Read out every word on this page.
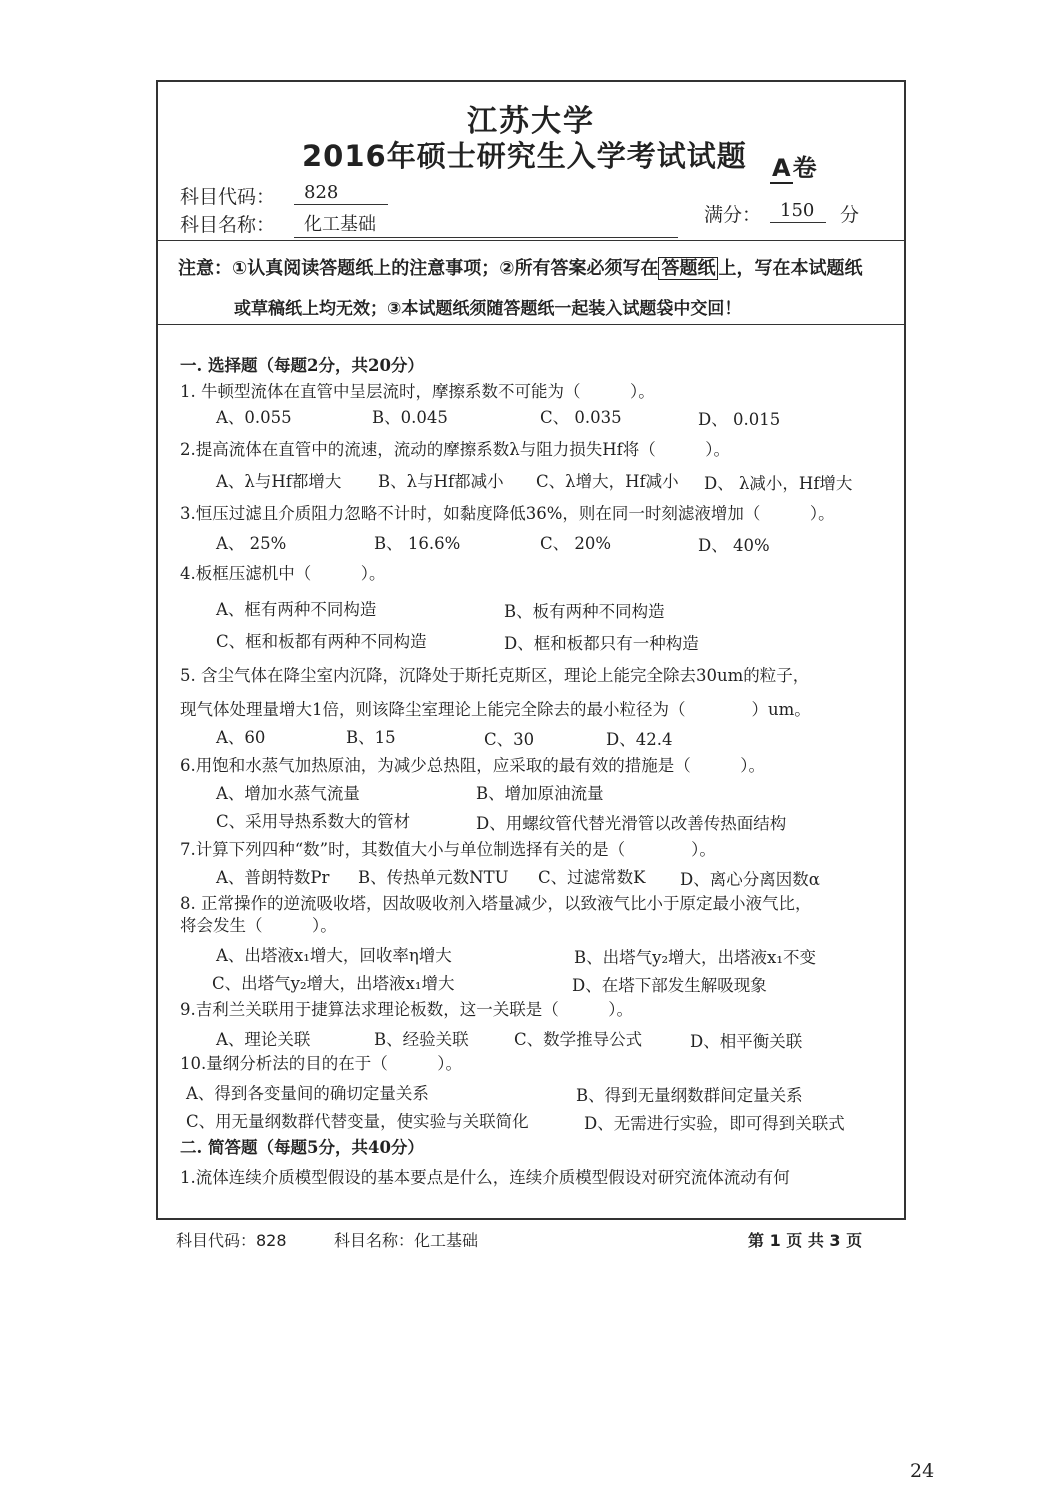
江苏大学
2016年硕士研究生入学考试试题 A卷
科目代码：	828
科目名称：	化工基础	满分：	150	分
注意：①认真阅读答题纸上的注意事项；②所有答案必须写在 答题纸 上，写在本试题纸
或草稿纸上均无效；③本试题纸须随答题纸一起装入试题袋中交回！
一. 选择题（每题2分，共20分）
1. 牛顿型流体在直管中呈层流时，摩擦系数不可能为（　　　）。
A、0.055	B、0.045	C、 0.035	D、 0.015
2.提高流体在直管中的流速，流动的摩擦系数λ与阻力损失Hf将（　　　）。
A、λ与Hf都增大 B、λ与Hf都减小 C、λ增大，Hf减小 D、 λ减小，Hf增大
3.恒压过滤且介质阻力忽略不计时，如黏度降低36%，则在同一时刻滤液增加（　　　）。
A、 25%	B、 16.6%	C、 20%	D、 40%
4.板框压滤机中（　　　）。
A、框有两种不同构造	B、板有两种不同构造
C、框和板都有两种不同构造	D、框和板都只有一种构造
5. 含尘气体在降尘室内沉降，沉降处于斯托克斯区，理论上能完全除去30um的粒子，
现气体处理量增大1倍，则该降尘室理论上能完全除去的最小粒径为（　　　　）um。
A、60	B、15	C、30	D、42.4
6.用饱和水蒸气加热原油，为减少总热阻，应采取的最有效的措施是（　　　）。
A、增加水蒸气流量	B、增加原油流量
C、采用导热系数大的管材	D、用螺纹管代替光滑管以改善传热面结构
7.计算下列四种“数”时，其数值大小与单位制选择有关的是（　　　　）。
A、普朗特数Pr B、传热单元数NTU C、过滤常数K D、离心分离因数α
8. 正常操作的逆流吸收塔，因故吸收剂入塔量减少，以致液气比小于原定最小液气比，
将会发生（　　　）。
A、出塔液x₁增大，回收率η增大	B、出塔气y₂增大，出塔液x₁不变
C、出塔气y₂增大，出塔液x₁增大	D、在塔下部发生解吸现象
9.吉利兰关联用于捷算法求理论板数，这一关联是（　　　）。
A、理论关联	B、经验关联	C、数学推导公式	D、相平衡关联
10.量纲分析法的目的在于（　　　）。
A、得到各变量间的确切定量关系	B、得到无量纲数群间定量关系
C、用无量纲数群代替变量，使实验与关联简化	D、无需进行实验，即可得到关联式
二. 简答题（每题5分，共40分）
1.流体连续介质模型假设的基本要点是什么，连续介质模型假设对研究流体流动有何
科目代码：828	科目名称：化工基础	第 1 页 共 3 页
24
